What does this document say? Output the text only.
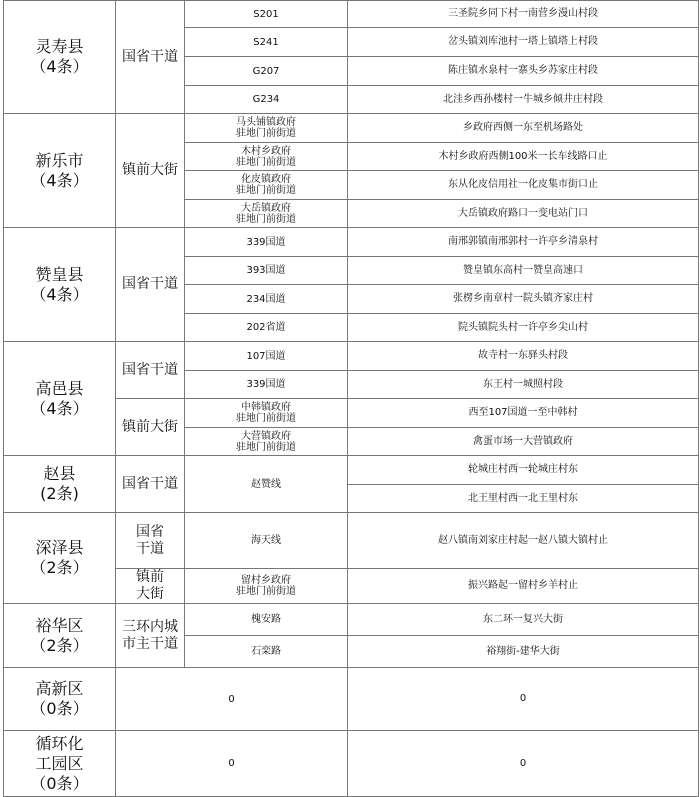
灵寿县
（4条）	国省干道	S201	三圣院乡同下村一南营乡漫山村段
		S241	岔头镇刘库池村一塔上镇塔上村段
		G207	陈庄镇水泉村一寨头乡苏家庄村段
		G234	北洼乡西孙楼村一牛城乡倾井庄村段

新乐市
（4条）	镇前大街	马头铺镇政府
驻地门前街道	乡政府西侧一东至机场路处
		木村乡政府
驻地门前街道	木村乡政府西侧100米一长车线路口止
		化皮镇政府
驻地门前街道	东从化皮信用社一化皮集市街口止
		大岳镇政府
驻地门前街道	大岳镇政府路口一变电站门口

赞皇县
（4条）	国省干道	339国道	南邢郭镇南邢郭村一许亭乡清泉村
		393国道	赞皇镇东高村一赞皇高速口
		234国道	张楞乡南章村一院头镇齐家庄村
		202省道	院头镇院头村一许亭乡尖山村

高邑县
（4条）	国省干道	107国道	故寺村一东驿头村段
		339国道	东王村一城照村段

	镇前大街	中韩镇政府
驻地门前街道	西至107国道一至中韩村
		大营镇政府
驻地门前街道	禽蛋市场一大营镇政府

赵县
(2条)	国省干道	赵赞线	轮城庄村西一轮城庄村东
			北王里村西一北王里村东

深泽县
（2条）	国省
干道	海天线	赵八镇南刘家庄村起一赵八镇大镇村止

	镇前
大街	留村乡政府
驻地门前街道	振兴路起一留村乡羊村止

裕华区
（2条）	三环内城
市主干道	槐安路	东二环一复兴大街
		石栾路	裕翔街-建华大街

高新区
（0条）	0		0

循环化
工园区
（0条）	0		0
